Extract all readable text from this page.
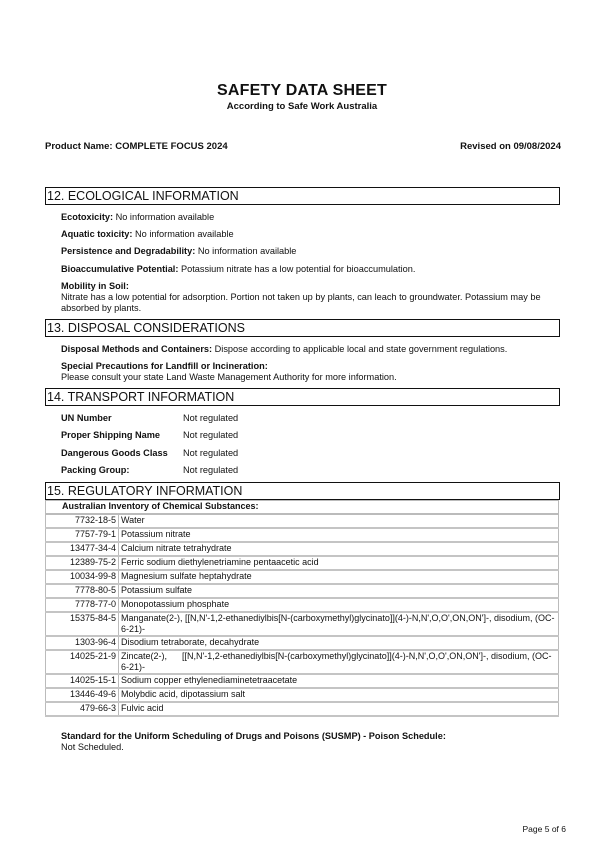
SAFETY DATA SHEET
According to Safe Work Australia
Product Name: COMPLETE FOCUS 2024	Revised on 09/08/2024
12. ECOLOGICAL INFORMATION
Ecotoxicity: No information available
Aquatic toxicity: No information available
Persistence and Degradability: No information available
Bioaccumulative Potential: Potassium nitrate has a low potential for bioaccumulation.
Mobility in Soil:
Nitrate has a low potential for adsorption. Portion not taken up by plants, can leach to groundwater. Potassium may be absorbed by plants.
13. DISPOSAL CONSIDERATIONS
Disposal Methods and Containers: Dispose according to applicable local and state government regulations.
Special Precautions for Landfill or Incineration:
Please consult your state Land Waste Management Authority for more information.
14. TRANSPORT INFORMATION
UN Number	Not regulated
Proper Shipping Name Not regulated
Dangerous Goods Class Not regulated
Packing Group:	Not regulated
15. REGULATORY INFORMATION
Australian Inventory of Chemical Substances:	
7732-18-5	Water
7757-79-1	Potassium nitrate
13477-34-4	Calcium nitrate tetrahydrate
12389-75-2	Ferric sodium diethylenetriamine pentaacetic acid
10034-99-8	Magnesium sulfate heptahydrate
7778-80-5	Potassium sulfate
7778-77-0	Monopotassium phosphate
15375-84-5	Manganate(2-), [[N,N'-1,2-ethanediylbis[N-(carboxymethyl)glycinato]](4-)-N,N',O,O',ON,ON']-, disodium, (OC-6-21)-
1303-96-4	Disodium tetraborate, decahydrate
14025-21-9	Zincate(2-),      [[N,N'-1,2-ethanediylbis[N-(carboxymethyl)glycinato]](4-)-N,N',O,O',ON,ON']-, disodium, (OC-6-21)-
14025-15-1	Sodium copper ethylenediaminetetraacetate
13446-49-6	Molybdic acid, dipotassium salt
479-66-3	Fulvic acid
Standard for the Uniform Scheduling of Drugs and Poisons (SUSMP) - Poison Schedule:
Not Scheduled.
Page 5 of 6
